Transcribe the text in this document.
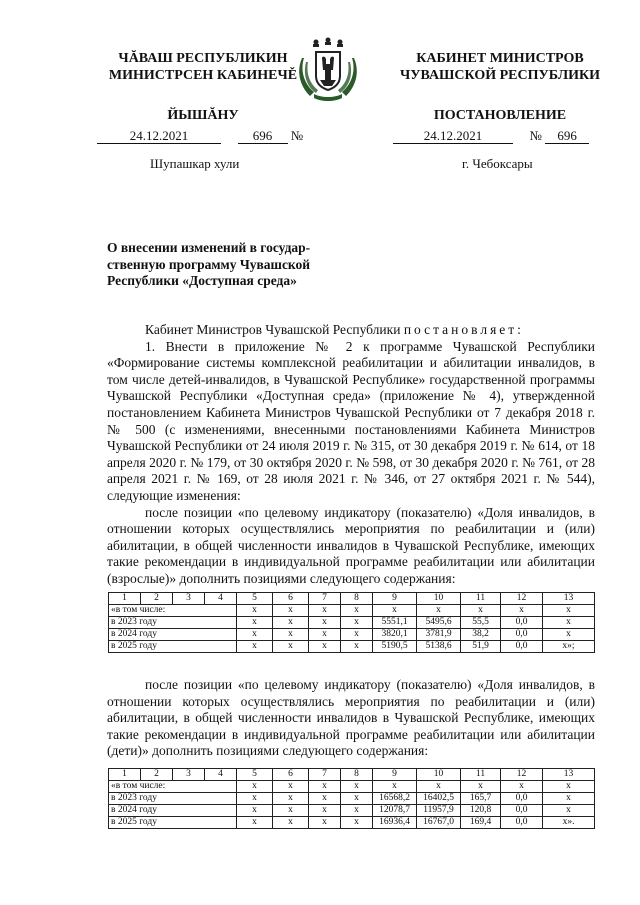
ЧĂВАШ РЕСПУБЛИКИН
МИНИСТРСЕН КАБИНЕЧĚ
ЙЫШĂНУ
КАБИНЕТ МИНИСТРОВ
ЧУВАШСКОЙ РЕСПУБЛИКИ
ПОСТАНОВЛЕНИЕ
24.12.2021	696 №	24.12.2021	№ 696
Шупашкар хули	г. Чебоксары
О внесении изменений в государ-
ственную программу Чувашской
Республики «Доступная среда»

Кабинет Министров Чувашской Республики постановляет:

1. Внести в приложение № 2 к программе Чувашской Республики «Формирование системы комплексной реабилитации и абилитации инвалидов, в том числе детей-инвалидов, в Чувашской Республике» государственной программы Чувашской Республики «Доступная среда» (приложение № 4), утвержденной постановлением Кабинета Министров Чувашской Республики от 7 декабря 2018 г. № 500 (с изменениями, внесенными постановлениями Кабинета Министров Чувашской Республики от 24 июля 2019 г. № 315, от 30 декабря 2019 г. № 614, от 18 апреля 2020 г. № 179, от 30 октября 2020 г. № 598, от 30 декабря 2020 г. № 761, от 28 апреля 2021 г. № 169, от 28 июля 2021 г. № 346, от 27 октября 2021 г. № 544), следующие изменения:

после позиции «по целевому индикатору (показателю) «Доля инвалидов, в отношении которых осуществлялись мероприятия по реабилитации и (или) абилитации, в общей численности инвалидов в Чувашской Республике, имеющих такие рекомендации в индивидуальной программе реабилитации или абилитации (взрослые)» дополнить позициями следующего содержания:

1	2	3	4	5	6	7	8	9	10	11	12	13
«в том числе:				х	х	х	х	х	х	х	х	х
в 2023 году				х	х	х	х	5551,1	5495,6	55,5	0,0	х
в 2024 году				х	х	х	х	3820,1	3781,9	38,2	0,0	х
в 2025 году				х	х	х	х	5190,5	5138,6	51,9	0,0	х»;

после позиции «по целевому индикатору (показателю) «Доля инвалидов, в отношении которых осуществлялись мероприятия по реабилитации и (или) абилитации, в общей численности инвалидов в Чувашской Республике, имеющих такие рекомендации в индивидуальной программе реабилитации или абилитации (дети)» дополнить позициями следующего содержания:

1	2	3	4	5	6	7	8	9	10	11	12	13
«в том числе:				х	х	х	х	х	х	х	х	х
в 2023 году				х	х	х	х	16568,2	16402,5	165,7	0,0	х
в 2024 году				х	х	х	х	12078,7	11957,9	120,8	0,0	х
в 2025 году				х	х	х	х	16936,4	16767,0	169,4	0,0	х».
